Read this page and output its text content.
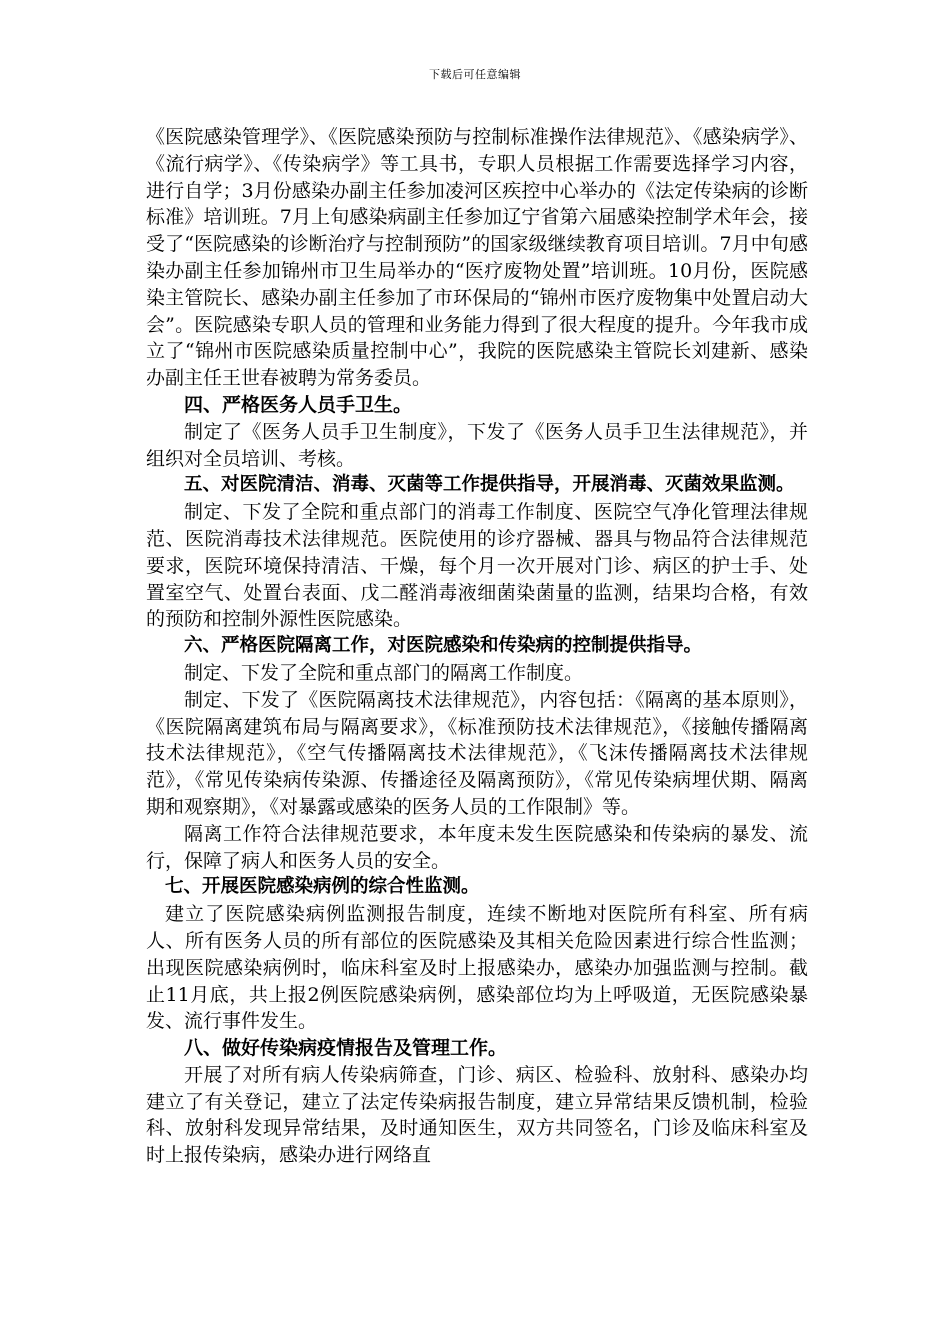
下载后可任意编辑

《医院感染管理学》、《医院感染预防与控制标准操作法律规范》、《感染病学》、《流行病学》、《传染病学》等工具书，专职人员根据工作需要选择学习内容，进行自学；3月份感染办副主任参加凌河区疾控中心举办的《法定传染病的诊断标准》培训班。7月上旬感染病副主任参加辽宁省第六届感染控制学术年会，接受了“医院感染的诊断治疗与控制预防”的国家级继续教育项目培训。7月中旬感染办副主任参加锦州市卫生局举办的“医疗废物处置”培训班。10月份，医院感染主管院长、感染办副主任参加了市环保局的“锦州市医疗废物集中处置启动大会”。医院感染专职人员的管理和业务能力得到了很大程度的提升。今年我市成立了“锦州市医院感染质量控制中心”，我院的医院感染主管院长刘建新、感染办副主任王世春被聘为常务委员。

四、严格医务人员手卫生。

制定了《医务人员手卫生制度》，下发了《医务人员手卫生法律规范》，并组织对全员培训、考核。

五、对医院清洁、消毒、灭菌等工作提供指导，开展消毒、灭菌效果监测。

制定、下发了全院和重点部门的消毒工作制度、医院空气净化管理法律规范、医院消毒技术法律规范。医院使用的诊疗器械、器具与物品符合法律规范要求，医院环境保持清洁、干燥，每个月一次开展对门诊、病区的护士手、处置室空气、处置台表面、戊二醛消毒液细菌染菌量的监测，结果均合格，有效的预防和控制外源性医院感染。

六、严格医院隔离工作，对医院感染和传染病的控制提供指导。

制定、下发了全院和重点部门的隔离工作制度。

制定、下发了《医院隔离技术法律规范》，内容包括：《隔离的基本原则》，《医院隔离建筑布局与隔离要求》，《标准预防技术法律规范》，《接触传播隔离技术法律规范》，《空气传播隔离技术法律规范》，《飞沫传播隔离技术法律规范》，《常见传染病传染源、传播途径及隔离预防》，《常见传染病埋伏期、隔离期和观察期》，《对暴露或感染的医务人员的工作限制》等。

隔离工作符合法律规范要求，本年度未发生医院感染和传染病的暴发、流行，保障了病人和医务人员的安全。

七、开展医院感染病例的综合性监测。

建立了医院感染病例监测报告制度，连续不断地对医院所有科室、所有病人、所有医务人员的所有部位的医院感染及其相关危险因素进行综合性监测；出现医院感染病例时，临床科室及时上报感染办，感染办加强监测与控制。截止11月底，共上报2例医院感染病例，感染部位均为上呼吸道，无医院感染暴发、流行事件发生。

八、做好传染病疫情报告及管理工作。

开展了对所有病人传染病筛查，门诊、病区、检验科、放射科、感染办均建立了有关登记，建立了法定传染病报告制度，建立异常结果反馈机制，检验科、放射科发现异常结果，及时通知医生，双方共同签名，门诊及临床科室及时上报传染病，感染办进行网络直
